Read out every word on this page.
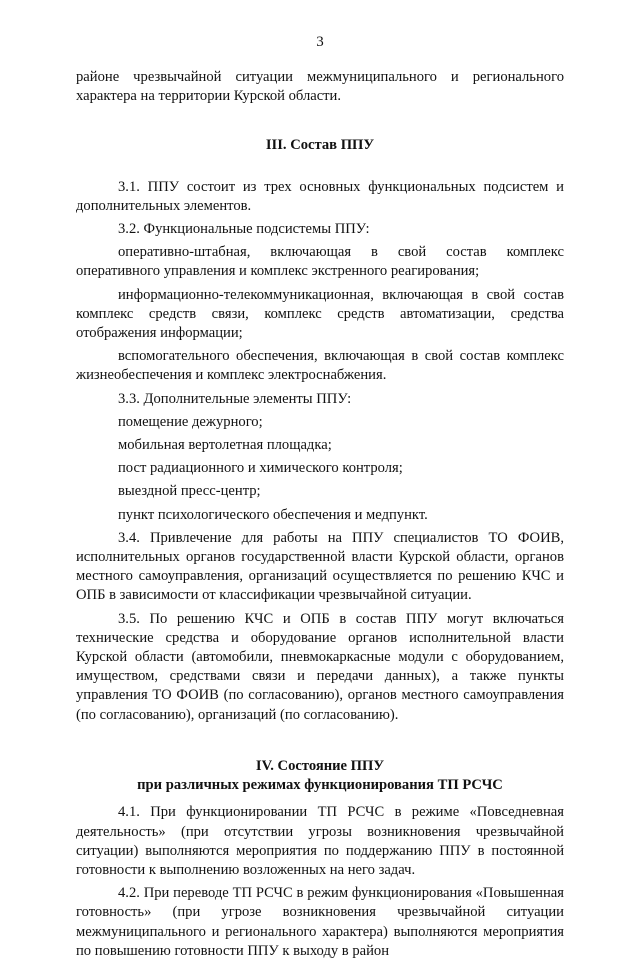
3

районе чрезвычайной ситуации межмуниципального и регионального характера на территории Курской области.

III. Состав ППУ

3.1. ППУ состоит из трех основных функциональных подсистем и дополнительных элементов.

3.2. Функциональные подсистемы ППУ:

оперативно-штабная, включающая в свой состав комплекс оперативного управления и комплекс экстренного реагирования;

информационно-телекоммуникационная, включающая в свой состав комплекс средств связи, комплекс средств автоматизации, средства отображения информации;

вспомогательного обеспечения, включающая в свой состав комплекс жизнеобеспечения и комплекс электроснабжения.

3.3. Дополнительные элементы ППУ:

помещение дежурного;

мобильная вертолетная площадка;

пост радиационного и химического контроля;

выездной пресс-центр;

пункт психологического обеспечения и медпункт.

3.4. Привлечение для работы на ППУ специалистов ТО ФОИВ, исполнительных органов государственной власти Курской области, органов местного самоуправления, организаций осуществляется по решению КЧС и ОПБ в зависимости от классификации чрезвычайной ситуации.

3.5. По решению КЧС и ОПБ в состав ППУ могут включаться технические средства и оборудование органов исполнительной власти Курской области (автомобили, пневмокаркасные модули с оборудованием, имуществом, средствами связи и передачи данных), а также пункты управления ТО ФОИВ (по согласованию), органов местного самоуправления (по согласованию), организаций (по согласованию).

IV. Состояние ППУ

при различных режимах функционирования ТП РСЧС

4.1. При функционировании ТП РСЧС в режиме «Повседневная деятельность» (при отсутствии угрозы возникновения чрезвычайной ситуации) выполняются мероприятия по поддержанию ППУ в постоянной готовности к выполнению возложенных на него задач.

4.2. При переводе ТП РСЧС в режим функционирования «Повышенная готовность» (при угрозе возникновения чрезвычайной ситуации межмуниципального и регионального характера) выполняются мероприятия по повышению готовности ППУ к выходу в район
